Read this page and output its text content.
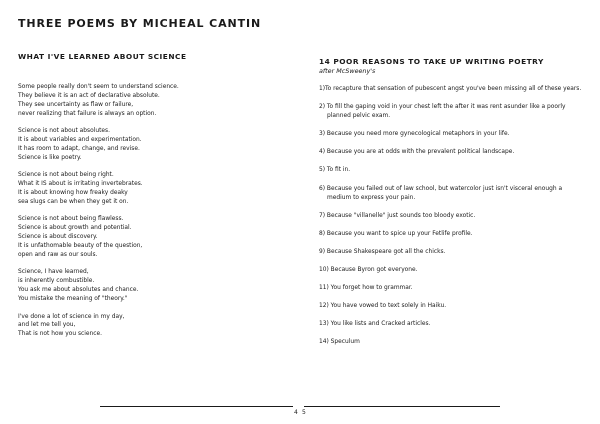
THREE POEMS BY MICHEAL CANTIN
WHAT I'VE LEARNED ABOUT SCIENCE

Some people really don't seem to understand science.
They believe it is an act of declarative absolute.
They see uncertainty as flaw or failure,
never realizing that failure is always an option.

Science is not about absolutes.
It is about variables and experimentation.
It has room to adapt, change, and revise.
Science is like poetry.

Science is not about being right.
What it IS about is irritating invertebrates.
It is about knowing how freaky deaky
sea slugs can be when they get it on.

Science is not about being flawless.
Science is about growth and potential.
Science is about discovery.
It is unfathomable beauty of the question,
open and raw as our souls.

Science, I have learned,
is inherently combustible.
You ask me about absolutes and chance.
You mistake the meaning of "theory."

I've done a lot of science in my day,
and let me tell you,
That is not how you science.

14 POOR REASONS TO TAKE UP WRITING POETRY

after McSweeny's

1)To recapture that sensation of pubescent angst you've been missing all of these years.

2) To fill the gaping void in your chest left the after it was rent asunder like a poorly planned pelvic exam.

3) Because you need more gynecological metaphors in your life.

4) Because you are at odds with the prevalent political landscape.

5) To fit in.

6) Because you failed out of law school, but watercolor just isn't visceral enough a medium to express your pain.

7) Because "villanelle" just sounds too bloody exotic.

8) Because you want to spice up your Fetlife profile.

9) Because Shakespeare got all the chicks.

10) Because Byron got everyone.

11) You forget how to grammar.

12) You have vowed to text solely in Haiku.

13) You like lists and Cracked articles.

14) Speculum

4 5
